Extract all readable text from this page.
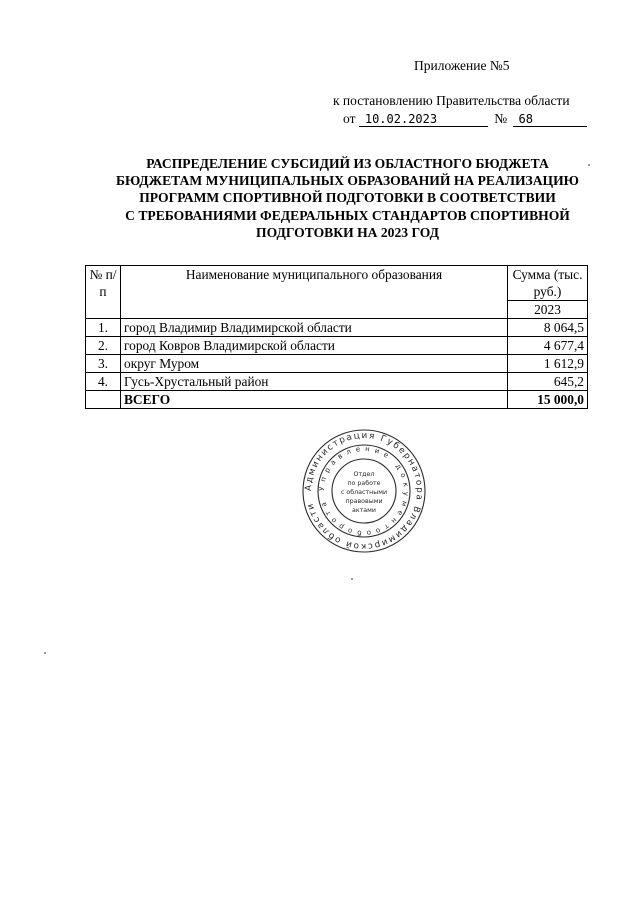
Приложение №5
к постановлению Правительства области
от 10.02.2023	№ 68
РАСПРЕДЕЛЕНИЕ СУБСИДИЙ ИЗ ОБЛАСТНОГО БЮДЖЕТА
БЮДЖЕТАМ МУНИЦИПАЛЬНЫХ ОБРАЗОВАНИЙ НА РЕАЛИЗАЦИЮ
ПРОГРАММ СПОРТИВНОЙ ПОДГОТОВКИ В СООТВЕТСТВИИ
С ТРЕБОВАНИЯМИ ФЕДЕРАЛЬНЫХ СТАНДАРТОВ СПОРТИВНОЙ
ПОДГОТОВКИ НА 2023 ГОД
№ п/п	Наименование муниципального образования	Сумма (тыс. руб.)
		2023
1.	город Владимир Владимирской области	8 064,5
2.	город Ковров Владимирской области	4 677,4
3.	округ Муром	1 612,9
4.	Гусь-Хрустальный район	645,2
	ВСЕГО	15 000,0
Администрация Губернатора Владимирской области
Управление документооборота
Отдел
по работе
с областными
правовыми
актами
